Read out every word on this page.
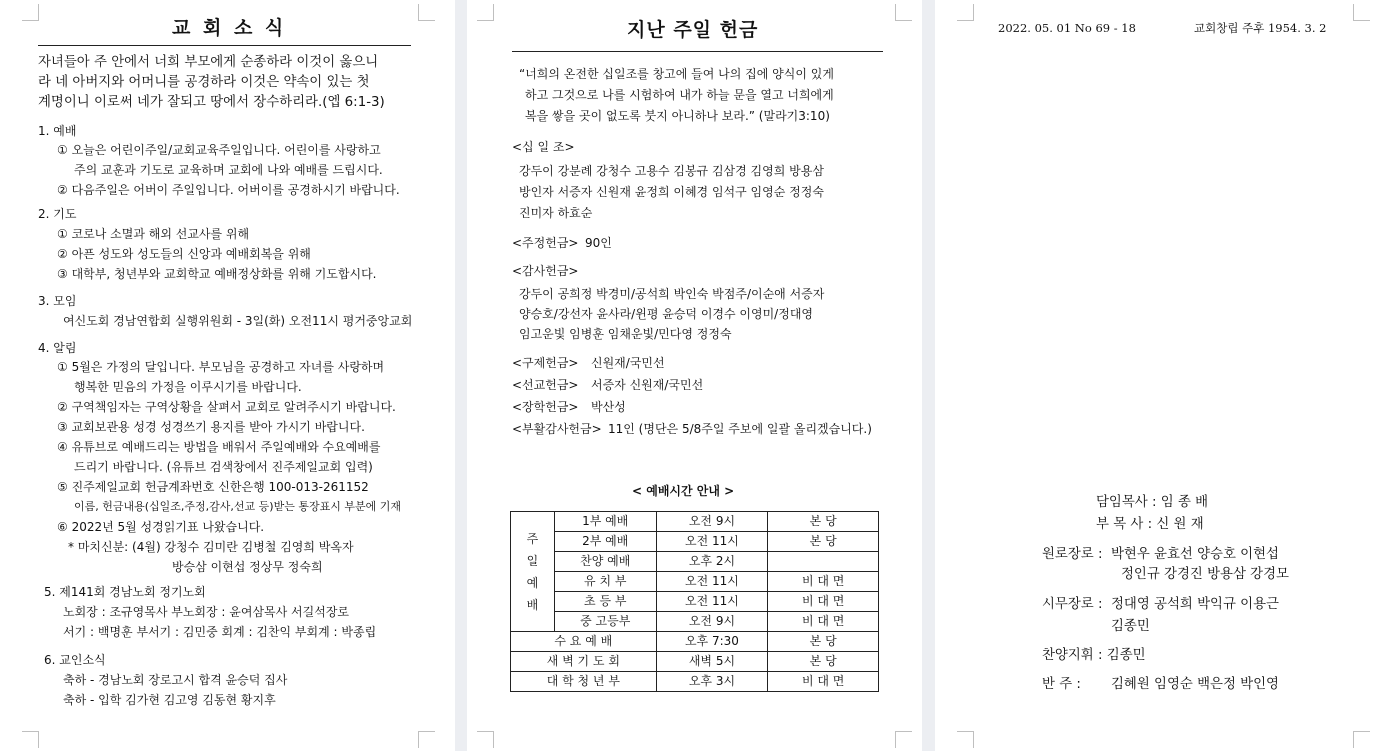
교 회 소 식
자녀들아 주 안에서 너희 부모에게 순종하라 이것이 옳으니
라 네 아버지와 어머니를 공경하라 이것은 약속이 있는 첫
계명이니 이로써 네가 잘되고 땅에서 장수하리라.(엡 6:1-3)
1. 예배
① 오늘은 어린이주일/교회교육주일입니다. 어린이를 사랑하고
주의 교훈과 기도로 교육하며 교회에 나와 예배를 드립시다.
② 다음주일은 어버이 주일입니다. 어버이를 공경하시기 바랍니다.
2. 기도
① 코로나 소멸과 해외 선교사를 위해
② 아픈 성도와 성도들의 신앙과 예배회복을 위해
③ 대학부, 청년부와 교회학교 예배정상화를 위해 기도합시다.
3. 모임
여신도회 경남연합회 실행위원회 - 3일(화) 오전11시 평거중앙교회
4. 알림
① 5월은 가정의 달입니다. 부모님을 공경하고 자녀를 사랑하며
행복한 믿음의 가정을 이루시기를 바랍니다.
② 구역책임자는 구역상황을 살펴서 교회로 알려주시기 바랍니다.
③ 교회보관용 성경 성경쓰기 용지를 받아 가시기 바랍니다.
④ 유튜브로 예배드리는 방법을 배워서 주일예배와 수요예배를
드리기 바랍니다. (유튜브 검색창에서 진주제일교회 입력)
⑤ 진주제일교회 헌금계좌번호 신한은행 100-013-261152
이름, 헌금내용(십일조,주정,감사,선교 등)받는 통장표시 부분에 기재
⑥ 2022년 5월 성경읽기표 나왔습니다.
* 마치신분: (4월) 강청수 김미란 김병철 김영희 박옥자
방승삼 이현섭 정상무 정숙희
5. 제141회 경남노회 정기노회
노회장 : 조규영목사 부노회장 : 윤여삼목사 서길석장로
서기 : 백명훈 부서기 : 김민중 회계 : 김찬익 부회계 : 박종립
6. 교인소식
축하 - 경남노회 장로고시 합격 윤승덕 집사
축하 - 입학 김가현 김고영 김동현 황지후
지난 주일 헌금
“너희의 온전한 십일조를 창고에 들여 나의 집에 양식이 있게
하고 그것으로 나를 시험하여 내가 하늘 문을 열고 너희에게
복을 쌓을 곳이 없도록 붓지 아니하나 보라.” (말라기3:10)
<십 일 조>
강두이 강분례 강청수 고용수 김봉규 김삼경 김영희 방용삼
방인자 서증자 신원재 윤정희 이혜경 임석구 임영순 정정숙
진미자 하효순
<주정헌금> 90인
<감사헌금>
강두이 공희정 박경미/공석희 박인숙 박점주/이순애 서증자
양승호/강선자 윤사라/윈평 윤승덕 이경수 이영미/정대영
임고운빛 임병훈 임채운빛/민다영 정정숙
<구제헌금> 신원재/국민선
<선교헌금> 서증자 신원재/국민선
<장학헌금> 박산성
<부활감사헌금> 11인 (명단은 5/8주일 주보에 일괄 올리겠습니다.)
< 예배시간 안내 >
주
일
예
배	1부 예배	오전 9시	본 당
	2부 예배	오전 11시	본 당
	찬양 예배	오후 2시	
	유 치 부	오전 11시	비 대 면
	초 등 부	오전 11시	비 대 면
	중 고등부	오전 9시	비 대 면
수 요 예 배		오후 7:30	본 당
새 벽 기 도 회		새벽 5시	본 당
대 학 청 년 부		오후 3시	비 대 면
2022. 05. 01 No 69 - 18	교회창립 주후 1954. 3. 2
담임목사 : 임 종 배
부 목 사 : 신 원 재
원로장로 : 박현우 윤효선 양승호 이현섭
정인규 강경진 방용삼 강경모
시무장로 : 정대영 공석희 박익규 이용근
김종민
찬양지휘 : 김종민
반 주 : 김혜원 임영순 백은정 박인영
